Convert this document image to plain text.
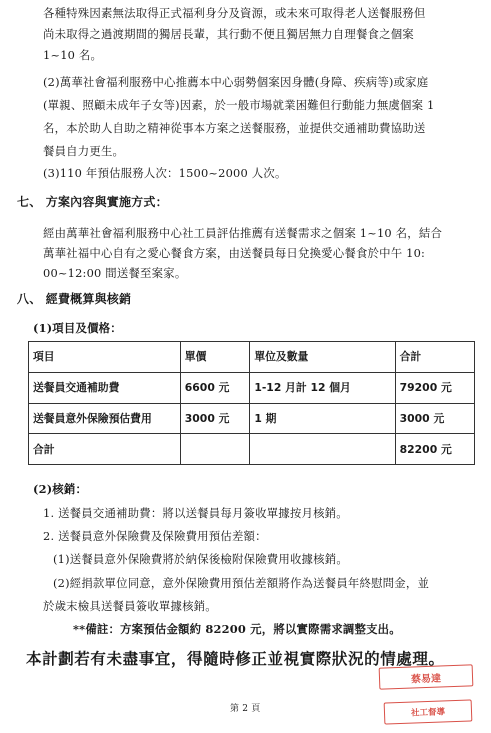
各種特殊因素無法取得正式福利身分及資源，或未來可取得老人送餐服務但
尚未取得之過渡期間的獨居長輩，其行動不便且獨居無力自理餐食之個案
1~10 名。
(2)萬華社會福利服務中心推薦本中心弱勢個案因身體(身障、疾病等)或家庭
(單親、照顧未成年子女等)因素，於一般市場就業困難但行動能力無虞個案 1
名，本於助人自助之精神從事本方案之送餐服務，並提供交通補助費協助送
餐員自力更生。
(3)110 年預估服務人次：1500~2000 人次。
七、 方案內容與實施方式：
經由萬華社會福利服務中心社工員評估推薦有送餐需求之個案 1~10 名，結合
萬華社福中心自有之愛心餐食方案，由送餐員每日兌換愛心餐食於中午 10:
00~12:00 間送餐至案家。
八、 經費概算與核銷
(1)項目及價格：
項目	單價	單位及數量	合計
送餐員交通補助費	6600 元	1-12 月計 12 個月	79200 元
送餐員意外保險預估費用	3000 元	1 期	3000 元
合計			82200 元
(2)核銷：
1. 送餐員交通補助費：將以送餐員每月簽收單據按月核銷。
2. 送餐員意外保險費及保險費用預估差額：
(1)送餐員意外保險費將於納保後檢附保險費用收據核銷。
(2)經捐款單位同意，意外保險費用預估差額將作為送餐員年終慰問金，並
於歲末檢具送餐員簽收單據核銷。
**備註：方案預估金額約 82200 元，將以實際需求調整支出。
本計劃若有未盡事宜，得隨時修正並視實際狀況的情處理。
第 2 頁
蔡易達
社工督導
